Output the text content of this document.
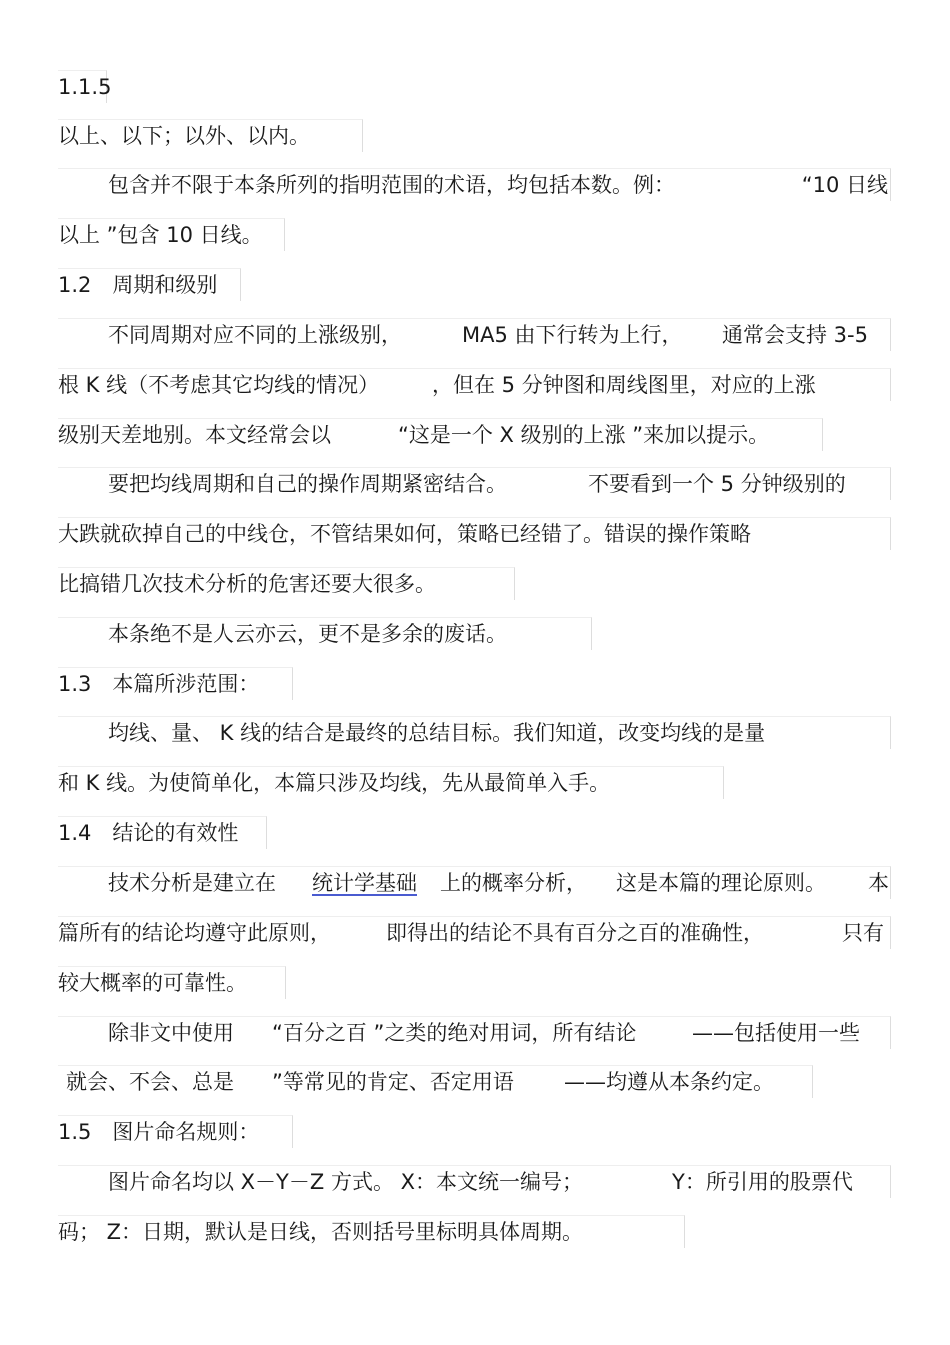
1.1.5
以上、以下；以外、以内。
包含并不限于本条所列的指明范围的术语，均包括本数。例：	“10 日线
以上 ”包含 10 日线。
1.2　周期和级别
不同周期对应不同的上涨级别，	MA5 由下行转为上行， 通常会支持 3-5
根 K 线（不考虑其它均线的情况）	，但在 5 分钟图和周线图里，对应的上涨
级别天差地别。本文经常会以	“这是一个 X 级别的上涨 ”来加以提示。
要把均线周期和自己的操作周期紧密结合。	不要看到一个 5 分钟级别的
大跌就砍掉自己的中线仓，不管结果如何，策略已经错了。错误的操作策略
比搞错几次技术分析的危害还要大很多。
本条绝不是人云亦云，更不是多余的废话。
1.3　本篇所涉范围：
均线、量、 K 线的结合是最终的总结目标。我们知道，改变均线的是量
和 K 线。为使简单化，本篇只涉及均线，先从最简单入手。
1.4　结论的有效性
技术分析是建立在 统计学基础 上的概率分析， 这是本篇的理论原则。 本
篇所有的结论均遵守此原则，	即得出的结论不具有百分之百的准确性，	只有
较大概率的可靠性。
除非文中使用 “百分之百 ”之类的绝对用词，所有结论	——包括使用一些
就会、不会、总是 ”等常见的肯定、否定用语 ——均遵从本条约定。
1.5　图片命名规则：
图片命名均以 X－Y－Z 方式。 X：本文统一编号；	Y：所引用的股票代
码； Z：日期，默认是日线，否则括号里标明具体周期。
